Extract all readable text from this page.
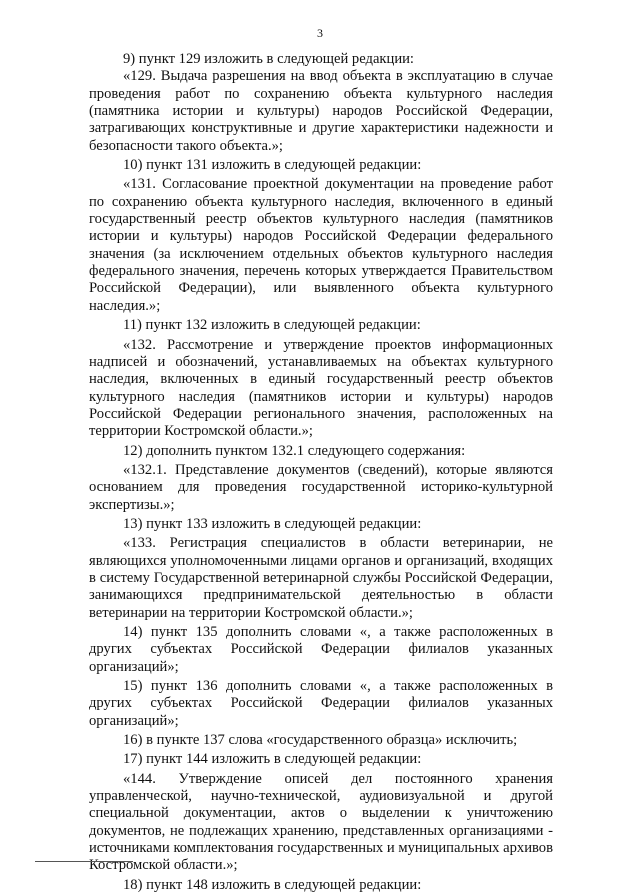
3

9) пункт 129 изложить в следующей редакции:

«129. Выдача разрешения на ввод объекта в эксплуатацию в случае проведения работ по сохранению объекта культурного наследия (памятника истории и культуры) народов Российской Федерации, затрагивающих конструктивные и другие характеристики надежности и безопасности такого объекта.»;

10) пункт 131 изложить в следующей редакции:

«131. Согласование проектной документации на проведение работ по сохранению объекта культурного наследия, включенного в единый государственный реестр объектов культурного наследия (памятников истории и культуры) народов Российской Федерации федерального значения (за исключением отдельных объектов культурного наследия федерального значения, перечень которых утверждается Правительством Российской Федерации), или выявленного объекта культурного наследия.»;

11) пункт 132 изложить в следующей редакции:

«132. Рассмотрение и утверждение проектов информационных надписей и обозначений, устанавливаемых на объектах культурного наследия, включенных в единый государственный реестр объектов культурного наследия (памятников истории и культуры) народов Российской Федерации регионального значения, расположенных на территории Костромской области.»;

12) дополнить пунктом 132.1 следующего содержания:

«132.1. Представление документов (сведений), которые являются основанием для проведения государственной историко-культурной экспертизы.»;

13) пункт 133 изложить в следующей редакции:

«133. Регистрация специалистов в области ветеринарии, не являющихся уполномоченными лицами органов и организаций, входящих в систему Государственной ветеринарной службы Российской Федерации, занимающихся предпринимательской деятельностью в области ветеринарии на территории Костромской области.»;

14) пункт 135 дополнить словами «, а также расположенных в других субъектах Российской Федерации филиалов указанных организаций»;

15) пункт 136 дополнить словами «, а также расположенных в других субъектах Российской Федерации филиалов указанных организаций»;

16) в пункте 137 слова «государственного образца» исключить;

17) пункт 144 изложить в следующей редакции:

«144. Утверждение описей дел постоянного хранения управленческой, научно-технической, аудиовизуальной и другой специальной документации, актов о выделении к уничтожению документов, не подлежащих хранению, представленных организациями - источниками комплектования государственных и муниципальных архивов Костромской области.»;

18) пункт 148 изложить в следующей редакции:
